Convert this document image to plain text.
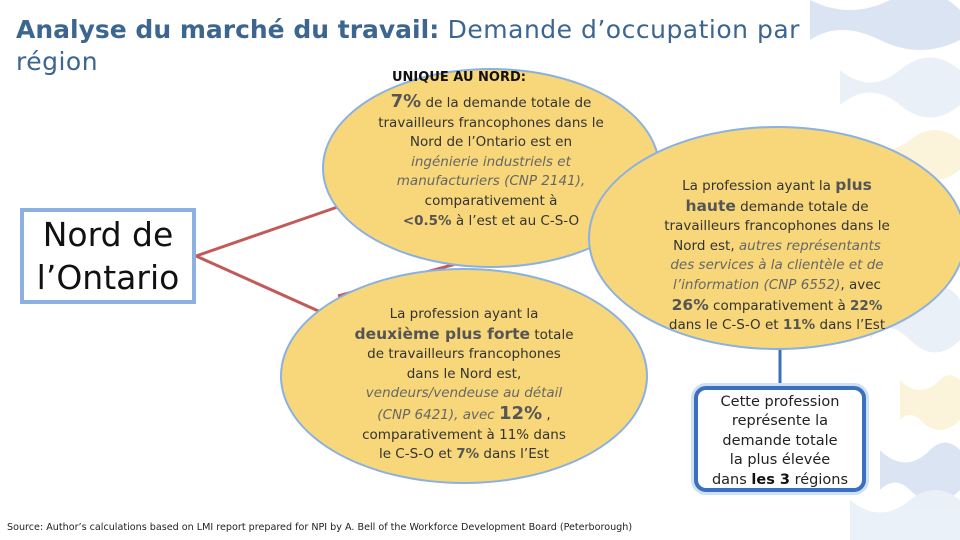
Analyse du marché du travail: Demande d’occupation par région
Nord de
l’Ontario
UNIQUE AU NORD:
7% de la demande totale de
travailleurs francophones dans le
Nord de l’Ontario est en
ingénierie industriels et
manufacturiers (CNP 2141),
comparativement à
<0.5% à l’est et au C-S-O
La profession ayant la
deuxième plus forte totale
de travailleurs francophones
dans le Nord est,
vendeurs/vendeuse au détail
(CNP 6421), avec 12% ,
comparativement à 11% dans
le C-S-O et 7% dans l’Est
La profession ayant la plus
haute demande totale de
travailleurs francophones dans le
Nord est, autres représentants
des services à la clientèle et de
l’information (CNP 6552), avec
26% comparativement à 22%
dans le C-S-O et 11% dans l’Est
Cette profession
représente la
demande totale
la plus élevée
dans les 3 régions
Source: Author’s calculations based on LMI report prepared for NPI by A. Bell of the Workforce Development Board (Peterborough)
